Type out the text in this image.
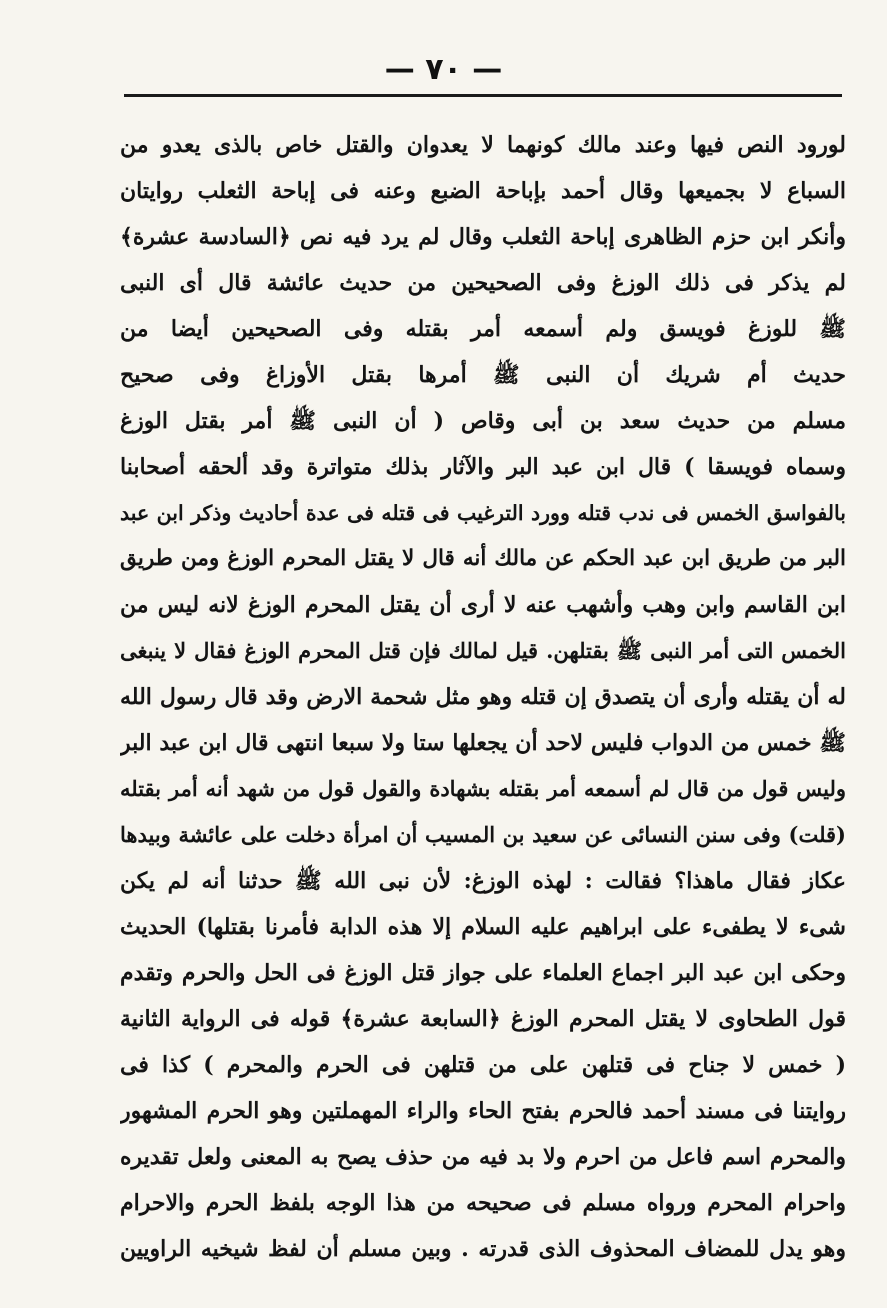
— ٧٠ —
لورود النص فيها وعند مالك كونهما لا يعدوان والقتل خاص بالذى يعدو من
السباع لا بجميعها وقال أحمد بإباحة الضبع وعنه فى إباحة الثعلب روايتان
وأنكر ابن حزم الظاهرى إباحة الثعلب وقال لم يرد فيه نص ﴿السادسة عشرة﴾
لم يذكر فى ذلك الوزغ وفى الصحيحين من حديث عائشة قال أى النبى
ﷺ للوزغ فويسق ولم أسمعه أمر بقتله وفى الصحيحين أيضا من
حديث أم شريك أن النبى ﷺ أمرها بقتل الأوزاغ وفى صحيح
مسلم من حديث سعد بن أبى وقاص ( أن النبى ﷺ أمر بقتل الوزغ
وسماه فويسقا ) قال ابن عبد البر والآثار بذلك متواترة وقد ألحقه أصحابنا
بالفواسق الخمس فى ندب قتله وورد الترغيب فى قتله فى عدة أحاديث وذكر ابن عبد
البر من طريق ابن عبد الحكم عن مالك أنه قال لا يقتل المحرم الوزغ ومن طريق
ابن القاسم وابن وهب وأشهب عنه لا أرى أن يقتل المحرم الوزغ لانه ليس من
الخمس التى أمر النبى ﷺ بقتلهن. قيل لمالك فإن قتل المحرم الوزغ فقال لا ينبغى
له أن يقتله وأرى أن يتصدق إن قتله وهو مثل شحمة الارض وقد قال رسول الله
ﷺ خمس من الدواب فليس لاحد أن يجعلها ستا ولا سبعا انتهى قال ابن عبد البر
وليس قول من قال لم أسمعه أمر بقتله بشهادة والقول قول من شهد أنه أمر بقتله
(قلت) وفى سنن النسائى عن سعيد بن المسيب أن امرأة دخلت على عائشة وبيدها
عكاز فقال ماهذا؟ فقالت : لهذه الوزغ: لأن نبى الله ﷺ حدثنا أنه لم يكن
شىء لا يطفىء على ابراهيم عليه السلام إلا هذه الدابة فأمرنا بقتلها) الحديث
وحكى ابن عبد البر اجماع العلماء على جواز قتل الوزغ فى الحل والحرم وتقدم
قول الطحاوى لا يقتل المحرم الوزغ ﴿السابعة عشرة﴾ قوله فى الرواية الثانية
( خمس لا جناح فى قتلهن على من قتلهن فى الحرم والمحرم ) كذا فى
روايتنا فى مسند أحمد فالحرم بفتح الحاء والراء المهملتين وهو الحرم المشهور
والمحرم اسم فاعل من احرم ولا بد فيه من حذف يصح به المعنى ولعل تقديره
واحرام المحرم ورواه مسلم فى صحيحه من هذا الوجه بلفظ الحرم والاحرام
وهو يدل للمضاف المحذوف الذى قدرته . وبين مسلم أن لفظ شيخيه الراويين
